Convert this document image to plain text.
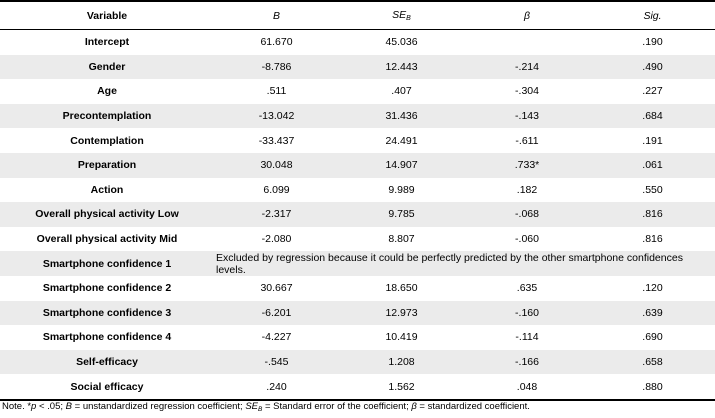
Variable	B	$SE_B$	β	Sig.
Intercept	61.670	45.036		.190
Gender	-8.786	12.443	-.214	.490
Age	.511	.407	-.304	.227
Precontemplation	-13.042	31.436	-.143	.684
Contemplation	-33.437	24.491	-.611	.191
Preparation	30.048	14.907	.733*	.061
Action	6.099	9.989	.182	.550
Overall physical activity Low	-2.317	9.785	-.068	.816
Overall physical activity Mid	-2.080	8.807	-.060	.816
Smartphone confidence 1	Excluded by regression because it could be perfectly predicted by the other smartphone confidences levels.			
Smartphone confidence 2	30.667	18.650	.635	.120
Smartphone confidence 3	-6.201	12.973	-.160	.639
Smartphone confidence 4	-4.227	10.419	-.114	.690
Self-efficacy	-.545	1.208	-.166	.658
Social efficacy	.240	1.562	.048	.880
Note. *p < .05; B = unstandardized regression coefficient; $SE_B$ = Standard error of the coefficient; β = standardized coefficient.
